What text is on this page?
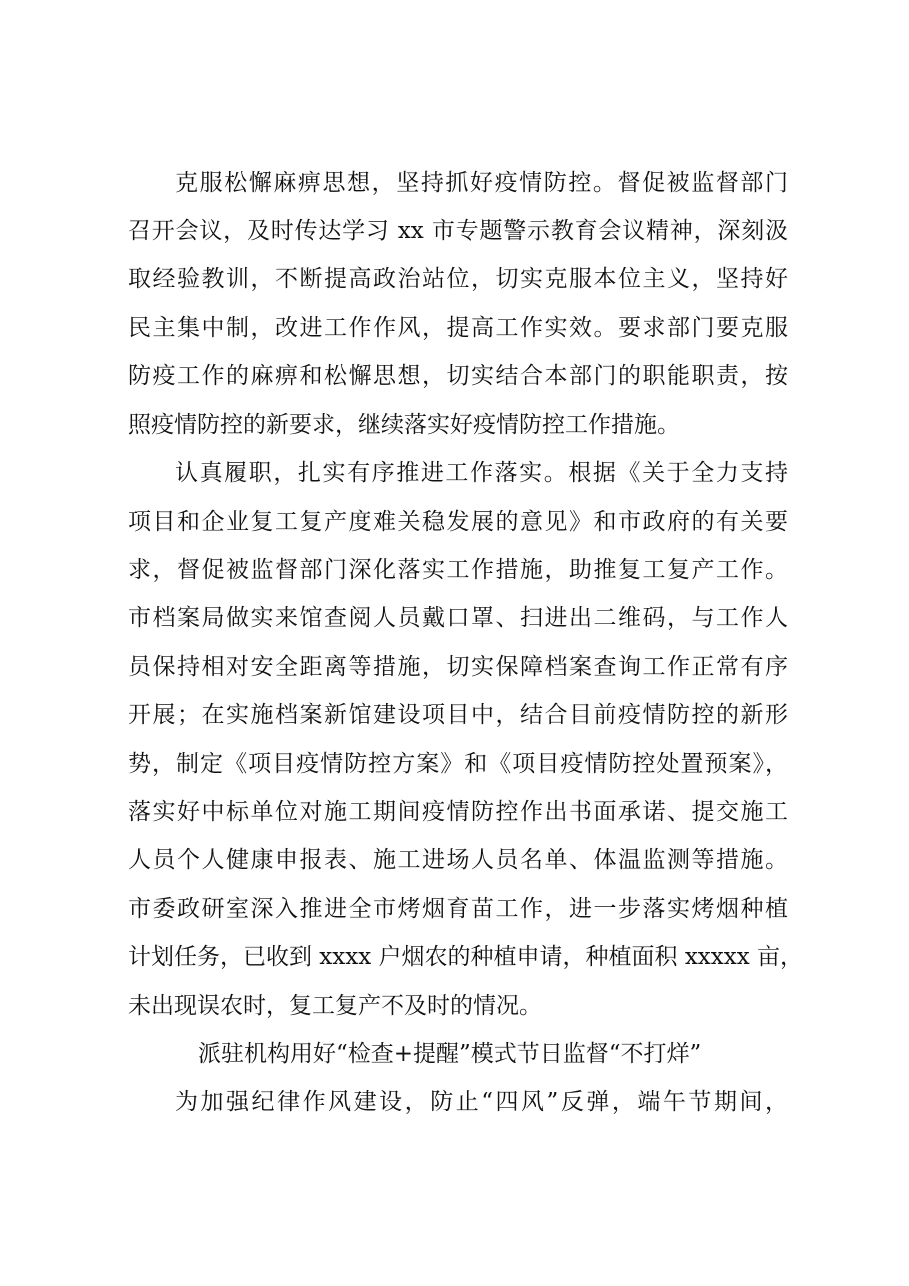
克服松懈麻痹思想，坚持抓好疫情防控。督促被监督部门
召开会议，及时传达学习 xx 市专题警示教育会议精神，深刻汲
取经验教训，不断提高政治站位，切实克服本位主义，坚持好
民主集中制，改进工作作风，提高工作实效。要求部门要克服
防疫工作的麻痹和松懈思想，切实结合本部门的职能职责，按
照疫情防控的新要求，继续落实好疫情防控工作措施。
认真履职，扎实有序推进工作落实。根据《关于全力支持
项目和企业复工复产度难关稳发展的意见》和市政府的有关要
求，督促被监督部门深化落实工作措施，助推复工复产工作。
市档案局做实来馆查阅人员戴口罩、扫进出二维码，与工作人
员保持相对安全距离等措施，切实保障档案查询工作正常有序
开展；在实施档案新馆建设项目中，结合目前疫情防控的新形
势，制定《项目疫情防控方案》和《项目疫情防控处置预案》，
落实好中标单位对施工期间疫情防控作出书面承诺、提交施工
人员个人健康申报表、施工进场人员名单、体温监测等措施。
市委政研室深入推进全市烤烟育苗工作，进一步落实烤烟种植
计划任务，已收到 xxxx 户烟农的种植申请，种植面积 xxxxx 亩，
未出现误农时，复工复产不及时的情况。
派驻机构用好“检查+提醒”模式节日监督“不打烊”
为加强纪律作风建设，防止“四风”反弹，端午节期间，
